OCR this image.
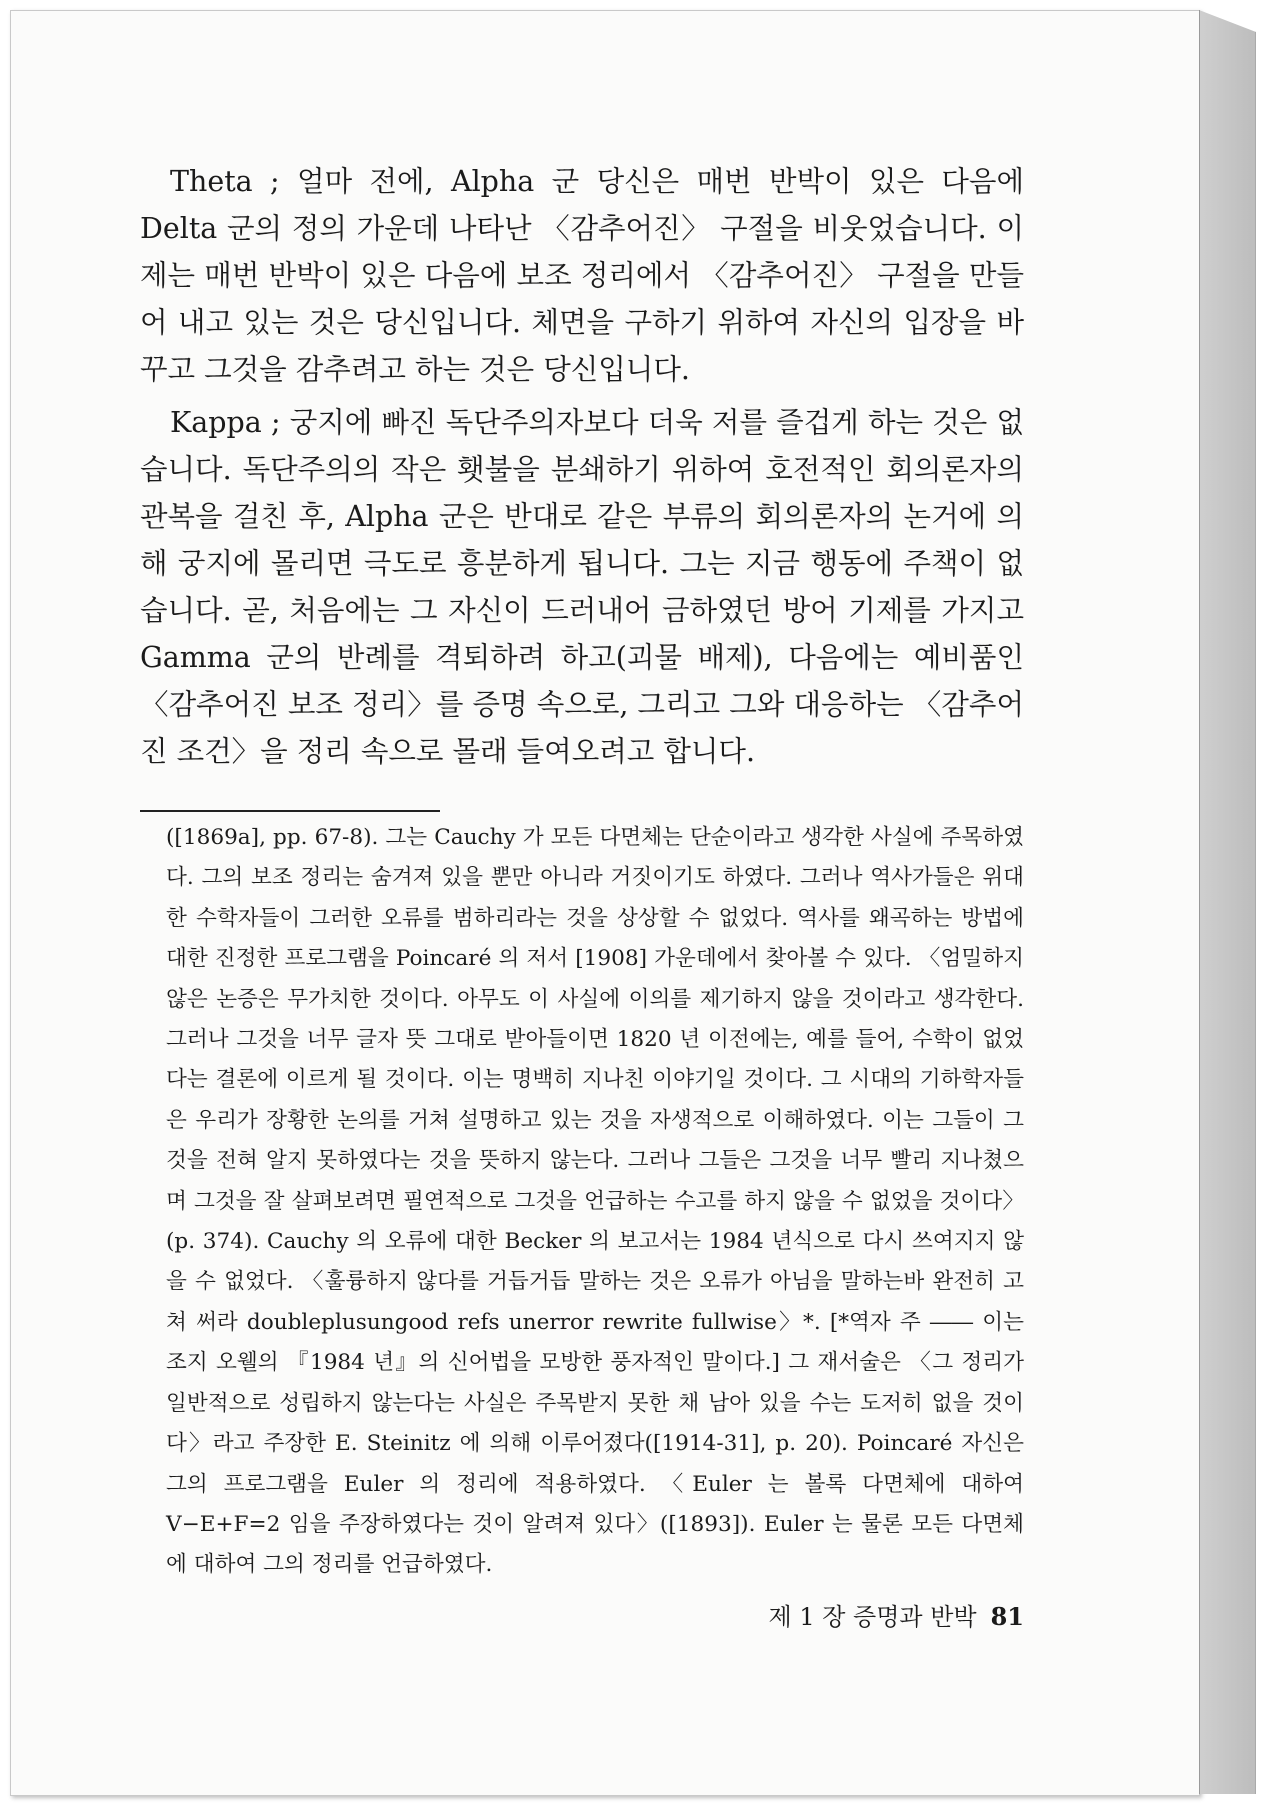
Theta ; 얼마 전에, Alpha 군 당신은 매번 반박이 있은 다음에 Delta 군의 정의 가운데 나타난 〈감추어진〉 구절을 비웃었습니다. 이제는 매번 반박이 있은 다음에 보조 정리에서 〈감추어진〉 구절을 만들어 내고 있는 것은 당신입니다. 체면을 구하기 위하여 자신의 입장을 바꾸고 그것을 감추려고 하는 것은 당신입니다.

Kappa ; 궁지에 빠진 독단주의자보다 더욱 저를 즐겁게 하는 것은 없습니다. 독단주의의 작은 횃불을 분쇄하기 위하여 호전적인 회의론자의 관복을 걸친 후, Alpha 군은 반대로 같은 부류의 회의론자의 논거에 의해 궁지에 몰리면 극도로 흥분하게 됩니다. 그는 지금 행동에 주책이 없습니다. 곧, 처음에는 그 자신이 드러내어 금하였던 방어 기제를 가지고 Gamma 군의 반례를 격퇴하려 하고(괴물 배제), 다음에는 예비품인 〈감추어진 보조 정리〉를 증명 속으로, 그리고 그와 대응하는 〈감추어진 조건〉을 정리 속으로 몰래 들여오려고 합니다.

([1869a], pp. 67-8). 그는 Cauchy 가 모든 다면체는 단순이라고 생각한 사실에 주목하였다. 그의 보조 정리는 숨겨져 있을 뿐만 아니라 거짓이기도 하였다. 그러나 역사가들은 위대한 수학자들이 그러한 오류를 범하리라는 것을 상상할 수 없었다. 역사를 왜곡하는 방법에 대한 진정한 프로그램을 Poincaré 의 저서 [1908] 가운데에서 찾아볼 수 있다. 〈엄밀하지 않은 논증은 무가치한 것이다. 아무도 이 사실에 이의를 제기하지 않을 것이라고 생각한다. 그러나 그것을 너무 글자 뜻 그대로 받아들이면 1820 년 이전에는, 예를 들어, 수학이 없었다는 결론에 이르게 될 것이다. 이는 명백히 지나친 이야기일 것이다. 그 시대의 기하학자들은 우리가 장황한 논의를 거쳐 설명하고 있는 것을 자생적으로 이해하였다. 이는 그들이 그것을 전혀 알지 못하였다는 것을 뜻하지 않는다. 그러나 그들은 그것을 너무 빨리 지나쳤으며 그것을 잘 살펴보려면 필연적으로 그것을 언급하는 수고를 하지 않을 수 없었을 것이다〉(p. 374). Cauchy 의 오류에 대한 Becker 의 보고서는 1984 년식으로 다시 쓰여지지 않을 수 없었다. 〈훌륭하지 않다를 거듭거듭 말하는 것은 오류가 아님을 말하는바 완전히 고쳐 써라 doubleplusungood refs unerror rewrite fullwise〉*. [*역자 주 ―― 이는 조지 오웰의 『1984 년』의 신어법을 모방한 풍자적인 말이다.] 그 재서술은 〈그 정리가 일반적으로 성립하지 않는다는 사실은 주목받지 못한 채 남아 있을 수는 도저히 없을 것이다〉라고 주장한 E. Steinitz 에 의해 이루어졌다([1914-31], p. 20). Poincaré 자신은 그의 프로그램을 Euler 의 정리에 적용하였다. 〈Euler 는 볼록 다면체에 대하여 V−E+F=2 임을 주장하였다는 것이 알려져 있다〉([1893]). Euler 는 물론 모든 다면체에 대하여 그의 정리를 언급하였다.

제 1 장 증명과 반박 81
